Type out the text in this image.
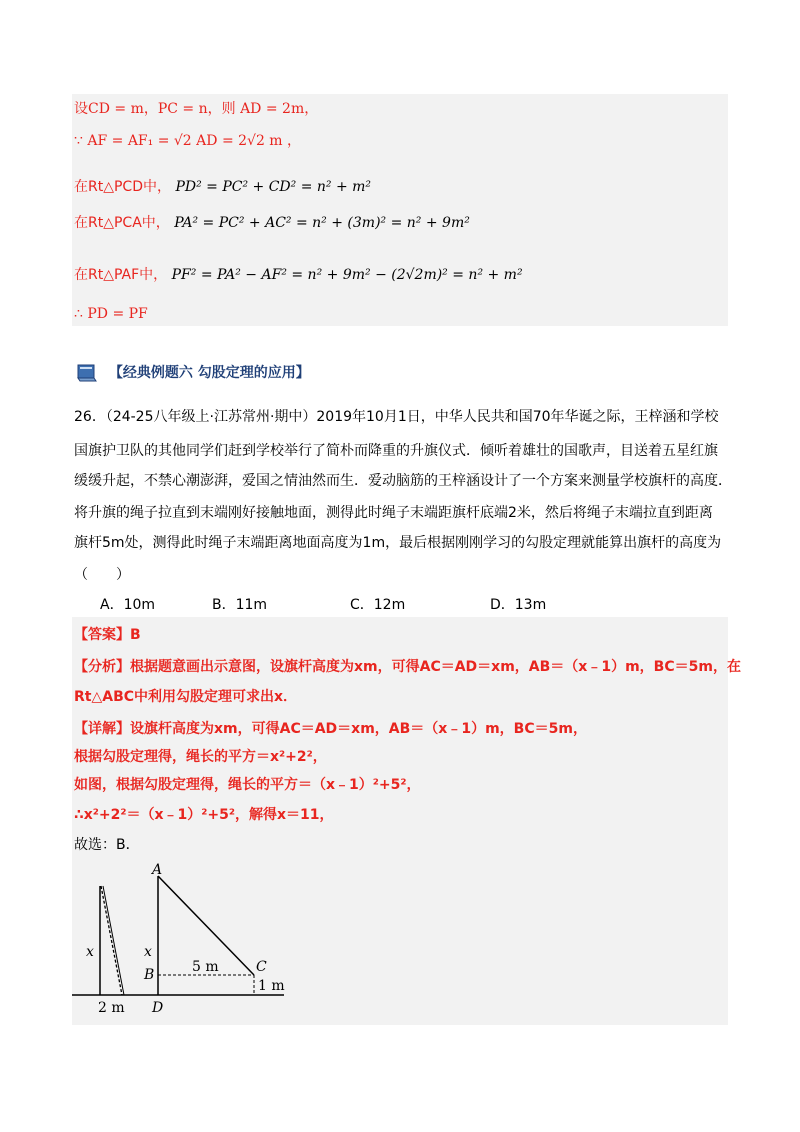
设CD = m，PC = n，则 AD = 2m，
∵ AF = AF₁ = √2 AD = 2√2 m ，
在Rt△PCD中， PD² = PC² + CD² = n² + m²
在Rt△PCA中， PA² = PC² + AC² = n² + (3m)² = n² + 9m²
在Rt△PAF中， PF² = PA² − AF² = n² + 9m² − (2√2m)² = n² + m²
∴ PD = PF
【经典例题六 勾股定理的应用】
26．（24-25八年级上·江苏常州·期中）2019年10月1日，中华人民共和国70年华诞之际，王梓涵和学校
国旗护卫队的其他同学们赶到学校举行了简朴而降重的升旗仪式．倾听着雄壮的国歌声，目送着五星红旗
缓缓升起，不禁心潮澎湃，爱国之情油然而生．爱动脑筋的王梓涵设计了一个方案来测量学校旗杆的高度．
将升旗的绳子拉直到末端刚好接触地面，测得此时绳子末端距旗杆底端2米，然后将绳子末端拉直到距离
旗杆5m处，测得此时绳子末端距离地面高度为1m，最后根据刚刚学习的勾股定理就能算出旗杆的高度为
（　　）
A．10m	B．11m	C．12m	D．13m
【答案】B
【分析】根据题意画出示意图，设旗杆高度为xm，可得AC＝AD＝xm，AB＝（x﹣1）m，BC＝5m，在
Rt△ABC中利用勾股定理可求出x．
【详解】设旗杆高度为xm，可得AC＝AD＝xm，AB＝（x﹣1）m，BC＝5m，
根据勾股定理得，绳长的平方＝x²+2²，
如图，根据勾股定理得，绳长的平方＝（x﹣1）²+5²，
∴x²+2²＝（x﹣1）²+5²，解得x＝11，
故选：B．
x
2 m
A
x
B	5 m	C
1 m
D
